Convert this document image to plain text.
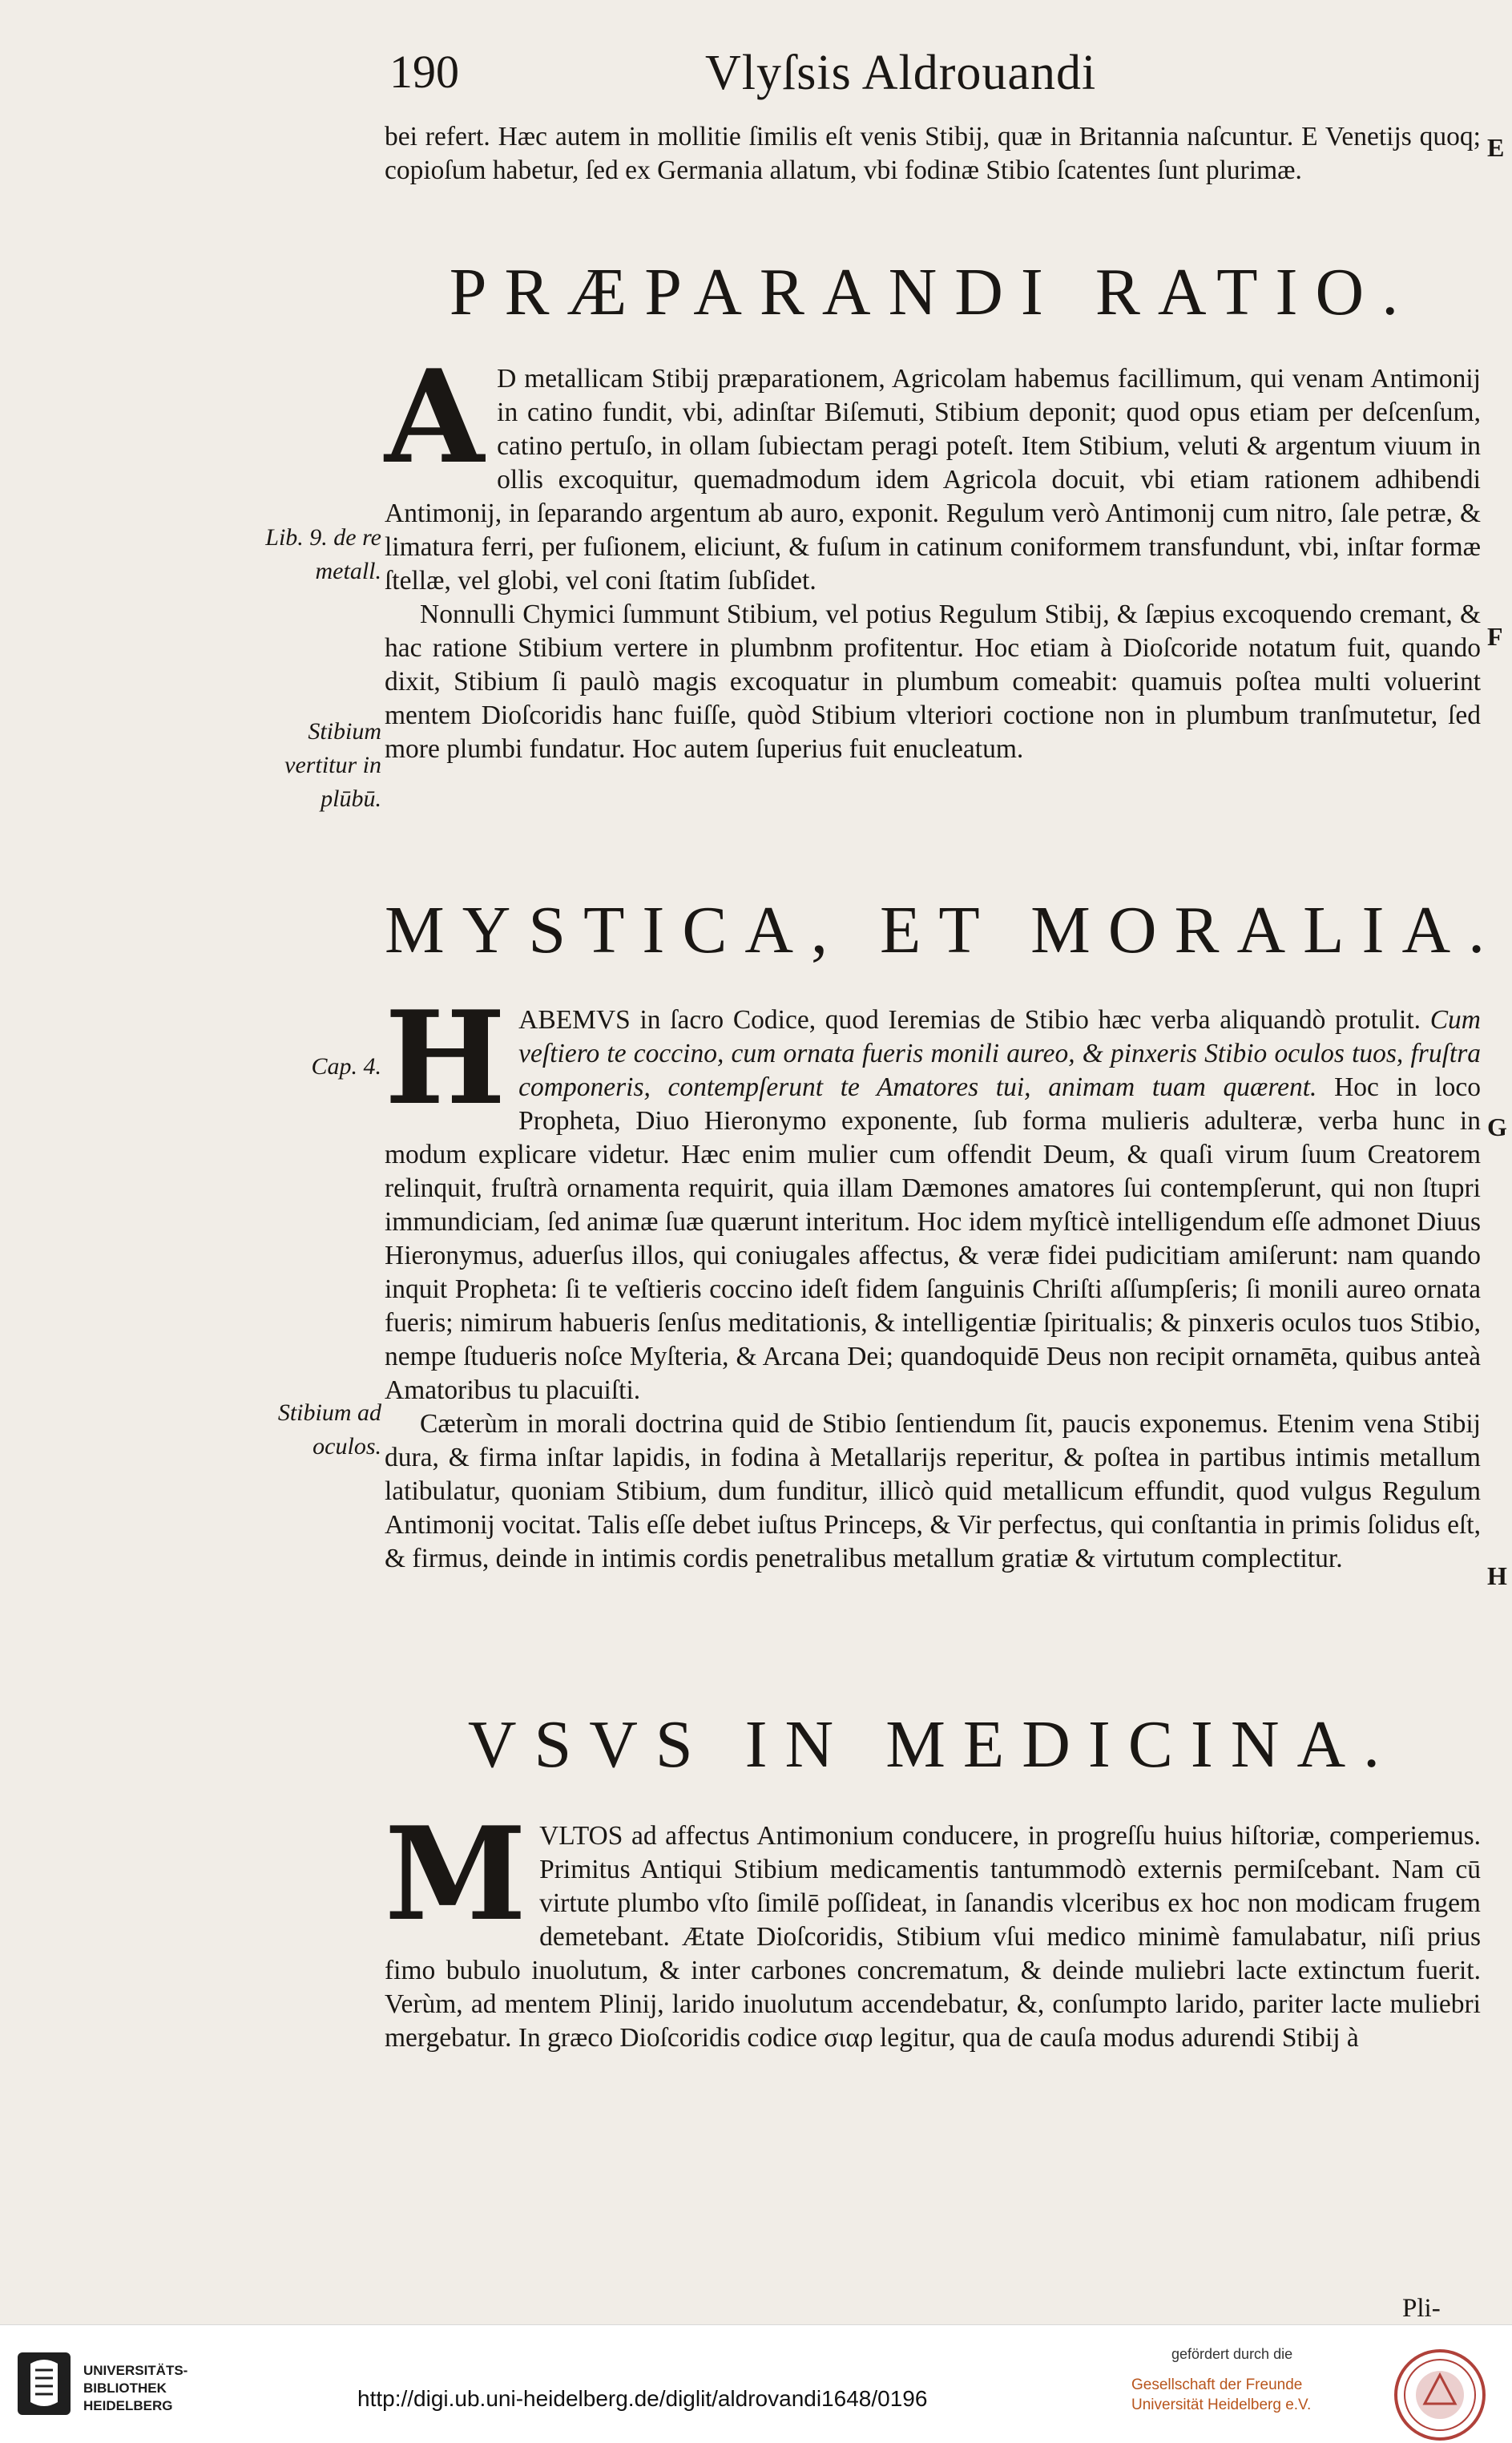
190	Vlyſsis Aldrouandi

bei refert. Hæc autem in mollitie ſimilis eſt venis Stibij, quæ in Britannia naſcuntur. E Venetijs quoq; copioſum habetur, ſed ex Germania allatum, vbi fodinæ Stibio ſcatentes ſunt plurimæ.

PRÆPARANDI RATIO.

A D metallicam Stibij præparationem, Agricolam habemus facillimum, qui venam Antimonij in catino fundit, vbi, adinſtar Biſemuti, Stibium deponit; quod opus etiam per deſcenſum, catino pertuſo, in ollam ſubiectam peragi poteſt. Item Stibium, veluti & argentum viuum in ollis excoquitur, quemadmodum idem Agricola docuit, vbi etiam rationem adhibendi Antimonij, in ſeparando argentum ab auro, exponit. Regulum verò Antimonij cum nitro, ſale petræ, & limatura ferri, per fuſionem, eliciunt, & fuſum in catinum coniformem transfundunt, vbi, inſtar formæ ſtellæ, vel globi, vel coni ſtatim ſubſidet.

Nonnulli Chymici ſummunt Stibium, vel potius Regulum Stibij, & ſæpius excoquendo cremant, & hac ratione Stibium vertere in plumbnm profitentur. Hoc etiam à Dioſcoride notatum fuit, quando dixit, Stibium ſi paulò magis excoquatur in plumbum comeabit: quamuis poſtea multi voluerint mentem Dioſcoridis hanc fuiſſe, quòd Stibium vlteriori coctione non in plumbum tranſmutetur, ſed more plumbi fundatur. Hoc autem ſuperius fuit enucleatum.

MYSTICA, ET MORALIA.

HABEMVS in ſacro Codice, quod Ieremias de Stibio hæc verba aliquandò protulit. Cum veſtiero te coccino, cum ornata fueris monili aureo, & pinxeris Stibio oculos tuos, fruſtra componeris, contempſerunt te Amatores tui, animam tuam quærent. Hoc in loco Propheta, Diuo Hieronymo exponente, ſub forma mulieris adulteræ, verba hunc in modum explicare videtur. Hæc enim mulier cum offendit Deum, & quaſi virum ſuum Creatorem relinquit, fruſtrà ornamenta requirit, quia illam Dæmones amatores ſui contempſerunt, qui non ſtupri immundiciam, ſed animæ ſuæ quærunt interitum. Hoc idem myſticè intelligendum eſſe admonet Diuus Hieronymus, aduerſus illos, qui coniugales affectus, & veræ fidei pudicitiam amiſerunt: nam quando inquit Propheta: ſi te veſtieris coccino ideſt fidem ſanguinis Chriſti aſſumpſeris; ſi monili aureo ornata fueris; nimirum habueris ſenſus meditationis, & intelligentiæ ſpiritualis; & pinxeris oculos tuos Stibio, nempe ſtudueris noſce Myſteria, & Arcana Dei; quandoquidē Deus non recipit ornamēta, quibus anteà Amatoribus tu placuiſti.

Cæterùm in morali doctrina quid de Stibio ſentiendum ſit, paucis exponemus. Etenim vena Stibij dura, & firma inſtar lapidis, in fodina à Metallarijs reperitur, & poſtea in partibus intimis metallum latibulatur, quoniam Stibium, dum funditur, illicò quid metallicum effundit, quod vulgus Regulum Antimonij vocitat. Talis eſſe debet iuſtus Princeps, & Vir perfectus, qui conſtantia in primis ſolidus eſt, & firmus, deinde in intimis cordis penetralibus metallum gratiæ & virtutum complectitur.

VSVS IN MEDICINA.

MVLTOS ad affectus Antimonium conducere, in progreſſu huius hiſtoriæ, comperiemus. Primitus Antiqui Stibium medicamentis tantummodò externis permiſcebant. Nam cū virtute plumbo vſto ſimilē poſſideat, in ſanandis vlceribus ex hoc non modicam frugem demetebant. Ætate Dioſcoridis, Stibium vſui medico minimè famulabatur, niſi prius fimo bubulo inuolutum, & inter carbones concrematum, & deinde muliebri lacte extinctum fuerit. Verùm, ad mentem Plinij, larido inuolutum accendebatur, &, conſumpto larido, pariter lacte muliebri mergebatur. In græco Dioſcoridis codice σιαρ legitur, qua de cauſa modus adurendi Stibij à

Pli-
Lib. 9. de re metall.
Stibium vertitur in plūbū.
Cap. 4.
Stibium ad oculos.
E
F
G
H
UNIVERSITÄTS-
BIBLIOTHEK
HEIDELBERG	http://digi.ub.uni-heidelberg.de/diglit/aldrovandi1648/0196
gefördert durch die
Gesellschaft der Freunde
Universität Heidelberg e.V.
